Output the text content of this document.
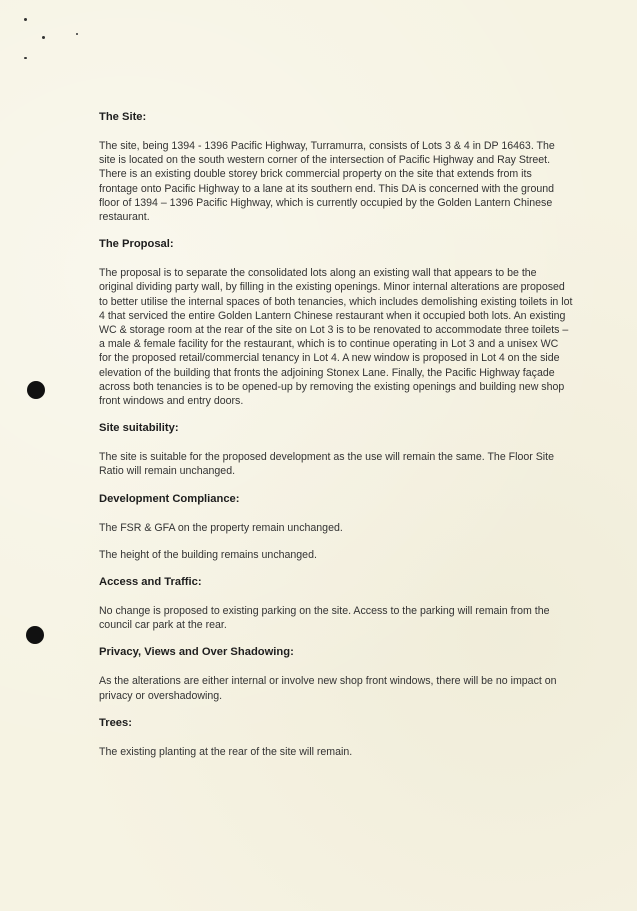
The Site:

The site, being 1394 - 1396 Pacific Highway, Turramurra, consists of Lots 3 & 4 in DP 16463. The site is located on the south western corner of the intersection of Pacific Highway and Ray Street. There is an existing double storey brick commercial property on the site that extends from its frontage onto Pacific Highway to a lane at its southern end. This DA is concerned with the ground floor of 1394 – 1396 Pacific Highway, which is currently occupied by the Golden Lantern Chinese restaurant.

The Proposal:

The proposal is to separate the consolidated lots along an existing wall that appears to be the original dividing party wall, by filling in the existing openings. Minor internal alterations are proposed to better utilise the internal spaces of both tenancies, which includes demolishing existing toilets in lot 4 that serviced the entire Golden Lantern Chinese restaurant when it occupied both lots. An existing WC & storage room at the rear of the site on Lot 3 is to be renovated to accommodate three toilets – a male & female facility for the restaurant, which is to continue operating in Lot 3 and a unisex WC for the proposed retail/commercial tenancy in Lot 4. A new window is proposed in Lot 4 on the side elevation of the building that fronts the adjoining Stonex Lane. Finally, the Pacific Highway façade across both tenancies is to be opened-up by removing the existing openings and building new shop front windows and entry doors.

Site suitability:

The site is suitable for the proposed development as the use will remain the same. The Floor Site Ratio will remain unchanged.

Development Compliance:

The FSR & GFA on the property remain unchanged.

The height of the building remains unchanged.

Access and Traffic:

No change is proposed to existing parking on the site. Access to the parking will remain from the council car park at the rear.

Privacy, Views and Over Shadowing:

As the alterations are either internal or involve new shop front windows, there will be no impact on privacy or overshadowing.

Trees:

The existing planting at the rear of the site will remain.
